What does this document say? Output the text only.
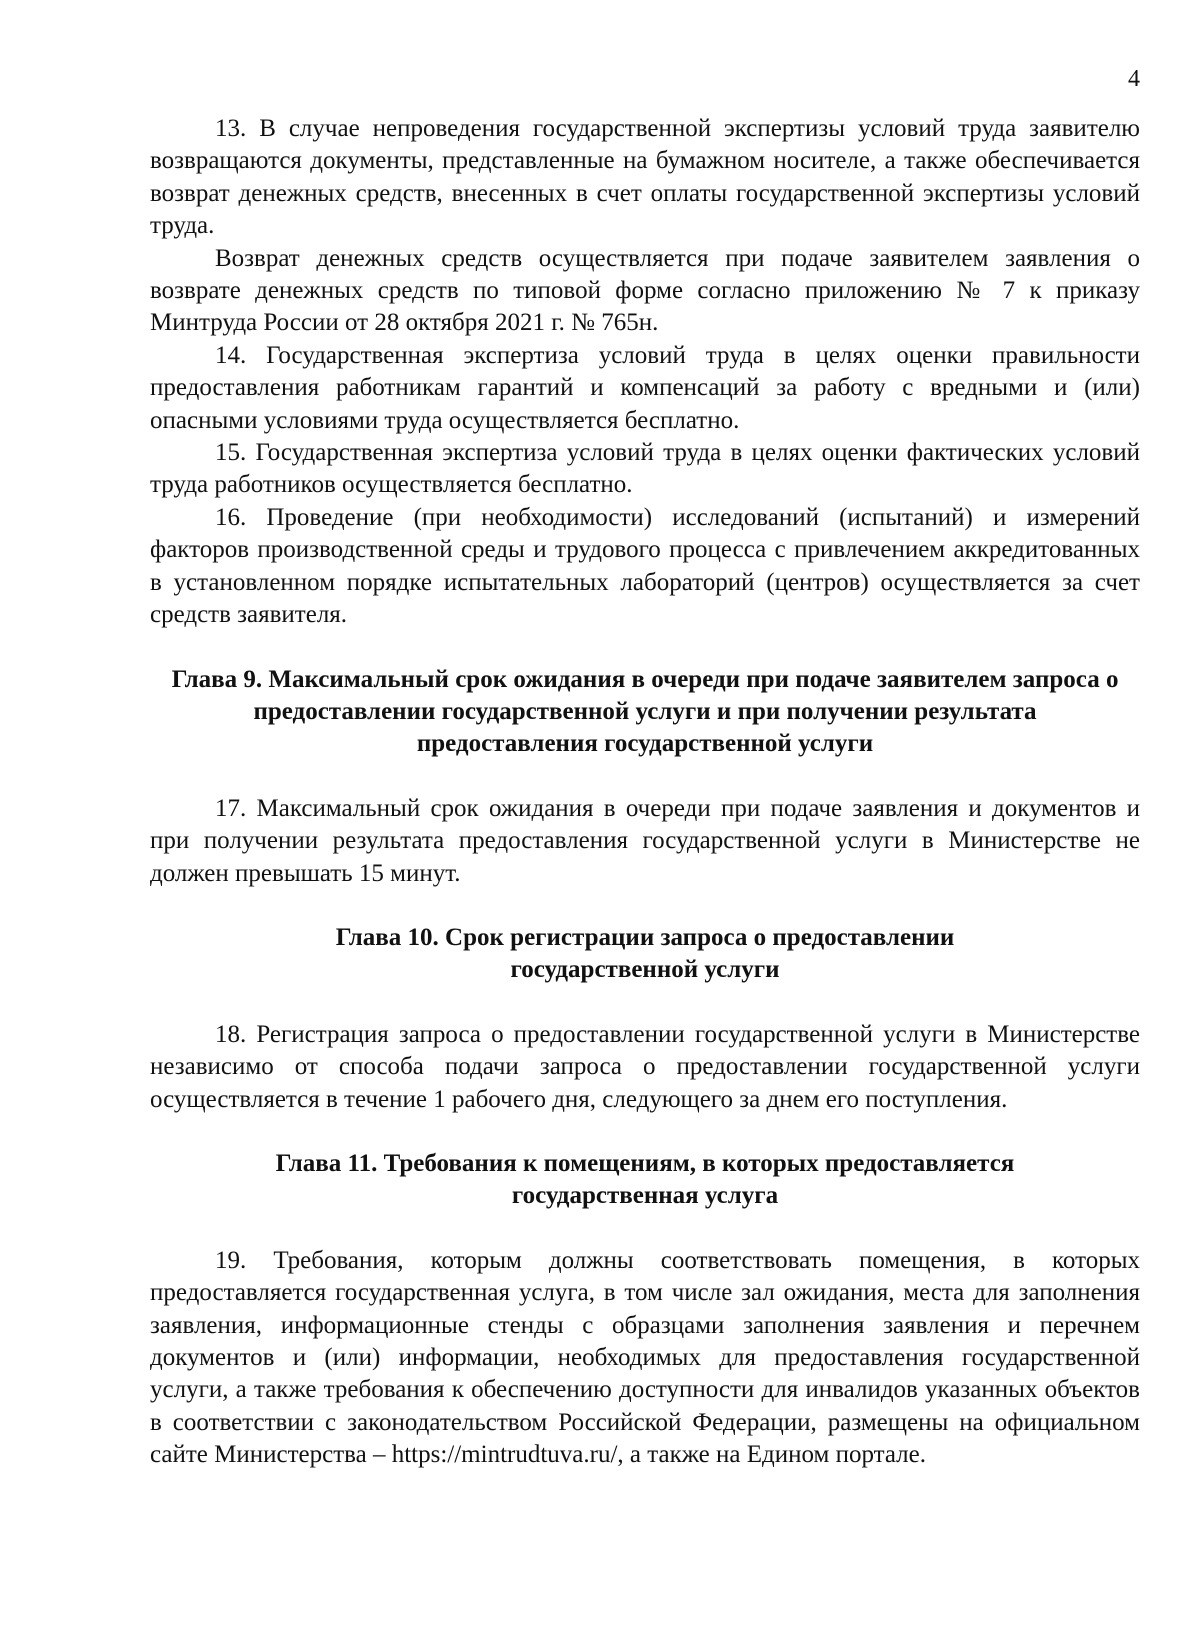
4

13. В случае непроведения государственной экспертизы условий труда заявителю возвращаются документы, представленные на бумажном носителе, а также обеспечивается возврат денежных средств, внесенных в счет оплаты государственной экспертизы условий труда.

Возврат денежных средств осуществляется при подаче заявителем заявления о возврате денежных средств по типовой форме согласно приложению № 7 к приказу Минтруда России от 28 октября 2021 г. № 765н.

14. Государственная экспертиза условий труда в целях оценки правильности предоставления работникам гарантий и компенсаций за работу с вредными и (или) опасными условиями труда осуществляется бесплатно.

15. Государственная экспертиза условий труда в целях оценки фактических условий труда работников осуществляется бесплатно.

16. Проведение (при необходимости) исследований (испытаний) и измерений факторов производственной среды и трудового процесса с привлечением аккредитованных в установленном порядке испытательных лабораторий (центров) осуществляется за счет средств заявителя.

Глава 9. Максимальный срок ожидания в очереди при подаче заявителем запроса о предоставлении государственной услуги и при получении результата предоставления государственной услуги

17. Максимальный срок ожидания в очереди при подаче заявления и документов и при получении результата предоставления государственной услуги в Министерстве не должен превышать 15 минут.

Глава 10. Срок регистрации запроса о предоставлении
государственной услуги

18. Регистрация запроса о предоставлении государственной услуги в Министерстве независимо от способа подачи запроса о предоставлении государственной услуги осуществляется в течение 1 рабочего дня, следующего за днем его поступления.

Глава 11. Требования к помещениям, в которых предоставляется
государственная услуга

19. Требования, которым должны соответствовать помещения, в которых предоставляется государственная услуга, в том числе зал ожидания, места для заполнения заявления, информационные стенды с образцами заполнения заявления и перечнем документов и (или) информации, необходимых для предоставления государственной услуги, а также требования к обеспечению доступности для инвалидов указанных объектов в соответствии с законодательством Российской Федерации, размещены на официальном сайте Министерства – https://mintrudtuva.ru/, а также на Едином портале.
